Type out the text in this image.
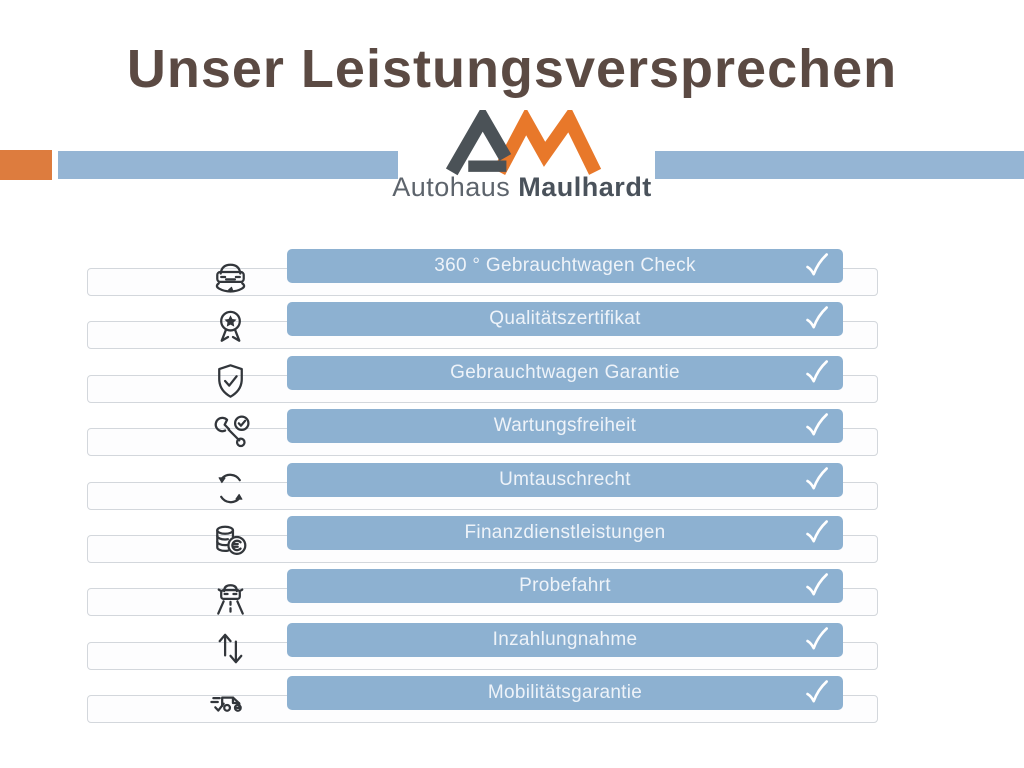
Unser Leistungsversprechen
Autohaus Maulhardt
360 ° Gebrauchtwagen Check
Qualitätszertifikat
Gebrauchtwagen Garantie
Wartungsfreiheit
Umtauschrecht
Finanzdienstleistungen
Probefahrt
Inzahlungnahme
Mobilitätsgarantie
